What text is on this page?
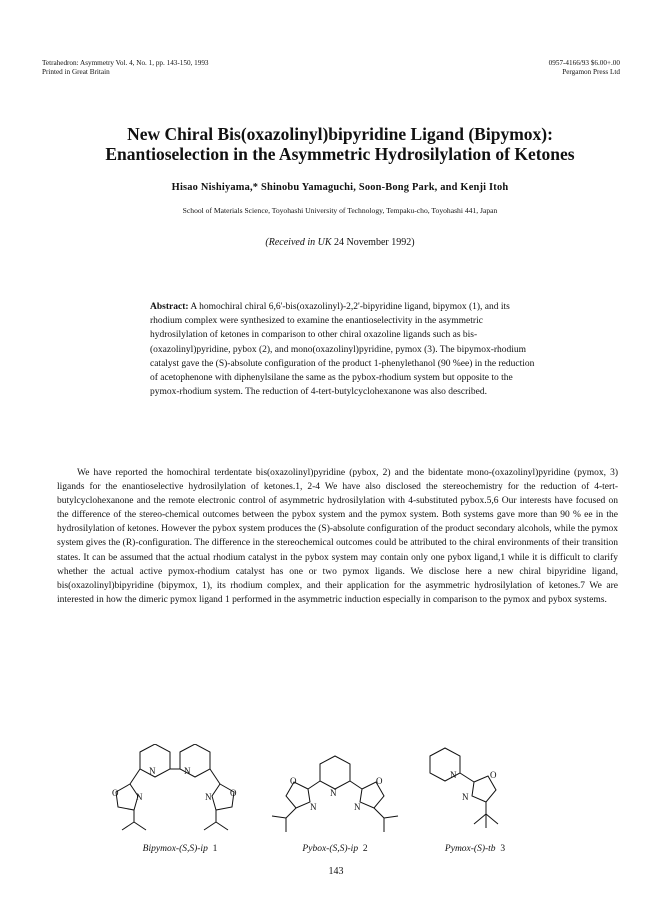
Tetrahedron: Asymmetry Vol. 4, No. 1, pp. 143-150, 1993
Printed in Great Britain
0957-4166/93 $6.00+.00
Pergamon Press Ltd
New Chiral Bis(oxazolinyl)bipyridine Ligand (Bipymox):
Enantioselection in the Asymmetric Hydrosilylation of Ketones
Hisao Nishiyama,* Shinobu Yamaguchi, Soon-Bong Park, and Kenji Itoh
School of Materials Science, Toyohashi University of Technology, Tempaku-cho, Toyohashi 441, Japan
(Received in UK 24 November 1992)
Abstract: A homochiral chiral 6,6'-bis(oxazolinyl)-2,2'-bipyridine ligand, bipymox (1), and its rhodium complex were synthesized to examine the enantioselectivity in the asymmetric hydrosilylation of ketones in comparison to other chiral oxazoline ligands such as bis-(oxazolinyl)pyridine, pybox (2), and mono(oxazolinyl)pyridine, pymox (3). The bipymox-rhodium catalyst gave the (S)-absolute configuration of the product 1-phenylethanol (90 %ee) in the reduction of acetophenone with diphenylsilane the same as the pybox-rhodium system but opposite to the pymox-rhodium system. The reduction of 4-tert-butylcyclohexanone was also described.
We have reported the homochiral terdentate bis(oxazolinyl)pyridine (pybox, 2) and the bidentate mono-(oxazolinyl)pyridine (pymox, 3) ligands for the enantioselective hydrosilylation of ketones.1, 2-4 We have also disclosed the stereochemistry for the reduction of 4-tert-butylcyclohexanone and the remote electronic control of asymmetric hydrosilylation with 4-substituted pybox.5,6 Our interests have focused on the difference of the stereo-chemical outcomes between the pybox system and the pymox system. Both systems gave more than 90 % ee in the hydrosilylation of ketones. However the pybox system produces the (S)-absolute configuration of the product secondary alcohols, while the pymox system gives the (R)-configuration. The difference in the stereochemical outcomes could be attributed to the chiral environments of their transition states. It can be assumed that the actual rhodium catalyst in the pybox system may contain only one pybox ligand,1 while it is difficult to clarify whether the actual active pymox-rhodium catalyst has one or two pymox ligands. We disclose here a new chiral bipyridine ligand, bis(oxazolinyl)bipyridine (bipymox, 1), its rhodium complex, and their application for the asymmetric hydrosilylation of ketones.7 We are interested in how the dimeric pymox ligand 1 performed in the asymmetric induction especially in comparison to the pymox and pybox systems.
N	N
O	O
N	N	N
O	O
N	N
N	O
N
Bipymox-(S,S)-ip 1	Pybox-(S,S)-ip 2	Pymox-(S)-tb 3
143
